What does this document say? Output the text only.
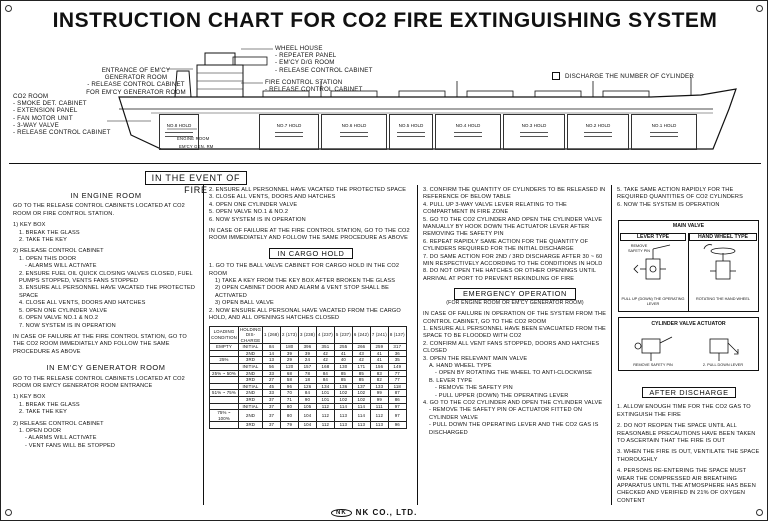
INSTRUCTION CHART FOR CO2 FIRE EXTINGUISHING SYSTEM
WHEEL HOUSE
- REPEATER PANEL
- EM'CY D/G ROOM
- RELEASE CONTROL CABINET
ENTRANCE OF EM'CY GENERATOR ROOM
- RELEASE CONTROL CABINET
FOR EM'CY GENERATOR ROOM
FIRE CONTROL STATION
- RELEASE CONTROL CABINET
CO2 ROOM
- SMOKE DET. CABINET
- EXTENSION PANEL
- FAN MOTOR UNIT
- 3-WAY VALVE
- RELEASE CONTROL CABINET
DISCHARGE THE NUMBER OF CYLINDER
NO.8 HOLD
ENGINE ROOM
EM'CY GEN. RM
NO.7 HOLD	NO.6 HOLD	NO.5 HOLD	NO.4 HOLD	NO.3 HOLD	NO.2 HOLD	NO.1 HOLD
IN THE EVENT OF FIRE
IN ENGINE ROOM

GO TO THE RELEASE CONTROL CABINETS LOCATED AT CO2 ROOM OR FIRE CONTROL STATION.

1) KEY BOX

1. BREAK THE GLASS

2. TAKE THE KEY

2) RELEASE CONTROL CABINET

1. OPEN THIS DOOR

- ALARMS WILL ACTIVATE

2. ENSURE FUEL OIL QUICK CLOSING VALVES CLOSED, FUEL PUMPS STOPPED, VENTS FANS STOPPED

3. ENSURE ALL PERSONNEL HAVE VACATED THE PROTECTED SPACE

4. CLOSE ALL VENTS, DOORS AND HATCHES

5. OPEN ONE CYLINDER VALVE

6. OPEN VALVE NO.1 & NO.2

7. NOW SYSTEM IS IN OPERATION

IN CASE OF FAILURE AT THE FIRE CONTROL STATION, GO TO THE CO2 ROOM IMMEDIATELY AND FOLLOW THE SAME PROCEDURE AS ABOVE

IN EM'CY GENERATOR ROOM

GO TO THE RELEASE CONTROL CABINETS LOCATED AT CO2 ROOM OR EM'CY GENERATOR ROOM ENTRANCE

1) KEY BOX

1. BREAK THE GLASS

2. TAKE THE KEY

2) RELEASE CONTROL CABINET

1. OPEN DOOR

- ALARMS WILL ACTIVATE

- VENT FANS WILL BE STOPPED

2. ENSURE ALL PERSONNEL HAVE VACATED THE PROTECTED SPACE

3. CLOSE ALL VENTS, DOORS AND HATCHES

4. OPEN ONE CYLINDER VALVE

5. OPEN VALVE NO.1 & NO.2

6. NOW SYSTEM IS IN OPERATION

IN CASE OF FAILURE AT THE FIRE CONTROL STATION, GO TO THE CO2 ROOM IMMEDIATELY AND FOLLOW THE SAME PROCEDURE AS ABOVE

IN CARGO HOLD

1. GO TO THE BALL VALVE CABINET FOR CARGO HOLD IN THE CO2 ROOM

1) TAKE A KEY FROM THE KEY BOX AFTER BROKEN THE GLASS

2) OPEN CABINET DOOR AND ALARM & VENT STOP SHALL BE ACTIVATED

3) OPEN BALL VALVE

2. NOW ENSURE ALL PERSONAL HAVE VACATED FROM THE CARGO HOLD, AND ALL OPENINGS HATCHES CLOSED

LOADING CONDITION	HOLDING
DIS-CHARGE	1 (268)	2 (173)	3 (238)	4 (237)	5 (237)	6 (242)	7 (241)	8 (137)
EMPTY	INITIAL	84	180	396	351	255	266	259	317
	2ND	14	39	39	42	41	43	41	36
25%	3RD	13	29	24	42	40	42	41	35
	INITIAL	56	120	157	168	130	171	156	149
25% ~ 50%	2ND	33	68	78	84	85	85	83	77
	3RD	27	58	18	84	85	85	82	77
	INITIAL	45	96	126	134	136	137	133	118
51% ~ 75%	2ND	33	70	84	101	102	102	99	87
	3RD	37	71	90	101	102	102	99	86
	INITIAL	37	80	105	112	114	114	111	97
75% ~ 100%	2ND	37	80	104	112	113	114	112	97
	3RD	37	79	104	112	113	113	113	96

3. CONFIRM THE QUANTITY OF CYLINDERS TO BE RELEASED IN REFERENCE OF BELOW TABLE

4. PULL UP 3-WAY VALVE LEVER RELATING TO THE COMPARTMENT IN FIRE ZONE

5. GO TO THE CO2 CYLINDER AND OPEN THE CYLINDER VALVE MANUALLY BY HOOK DOWN THE ACTUATOR LEVER AFTER REMOVING THE SAFETY PIN

6. REPEAT RAPIDLY SAME ACTION FOR THE QUANTITY OF CYLINDERS REQUIRED FOR THE INITIAL DISCHARGE

7. DO SAME ACTION FOR 2ND / 3RD DISCHARGE AFTER 30 ~ 60 MIN RESPECTIVELY ACCORDING TO THE CONDITIONS IN HOLD

8. DO NOT OPEN THE HATCHES OR OTHER OPENINGS UNTIL ARRIVAL AT PORT TO PREVENT REKINDLING OF FIRE

EMERGENCY OPERATION
(FOR ENGINE ROOM OR EM'CY GENERATOR ROOM)

IN CASE OF FAILURE IN OPERATION OF THE SYSTEM FROM THE CONTROL CABINET, GO TO THE CO2 ROOM

1. ENSURE ALL PERSONNEL HAVE BEEN EVACUATED FROM THE SPACE TO BE FLOODED WITH CO2

2. CONFIRM ALL VENT FANS STOPPED, DOORS AND HATCHES CLOSED

3. OPEN THE RELEVANT MAIN VALVE

A. HAND WHEEL TYPE

- OPEN BY ROTATING THE WHEEL TO ANTI-CLOCKWISE

B. LEVER TYPE

- REMOVE THE SAFETY PIN

- PULL UPPER (DOWN) THE OPERATING LEVER

4. GO TO THE CO2 CYLINDER AND OPEN THE CYLINDER VALVE

- REMOVE THE SAFETY PIN OF ACTUATOR FITTED ON CYLINDER VALVE

- PULL DOWN THE OPERATING LEVER AND THE CO2 GAS IS DISCHARGED

5. TAKE SAME ACTION RAPIDLY FOR THE REQUIRED QUANTITIES OF CO2 CYLINDERS

6. NOW THE SYSTEM IS OPERATION

MAIN VALVE
LEVER TYPE	HAND WHEEL TYPE
REMOVE SAFETY PIN
PULL UP (DOWN) THE OPERATING LEVER
ROTATING THE HAND WHEEL
CYLINDER VALVE ACTUATOR
REMOVE SAFETY PIN	2. PULL DOWN LEVER
AFTER DISCHARGE

1. ALLOW ENOUGH TIME FOR THE CO2 GAS TO EXTINGUISH THE FIRE

2. DO NOT REOPEN THE SPACE UNTIL ALL REASONABLE PRECAUTIONS HAVE BEEN TAKEN TO ASCERTAIN THAT THE FIRE IS OUT

3. WHEN THE FIRE IS OUT, VENTILATE THE SPACE THOROUGHLY

4. PERSONS RE-ENTERING THE SPACE MUST WEAR THE COMPRESSED AIR BREATHING APPARATUS UNTIL THE ATMOSPHERE HAS BEEN CHECKED AND VERIFIED IN 21% OF OXYGEN CONTENT

NK NK CO., LTD.
